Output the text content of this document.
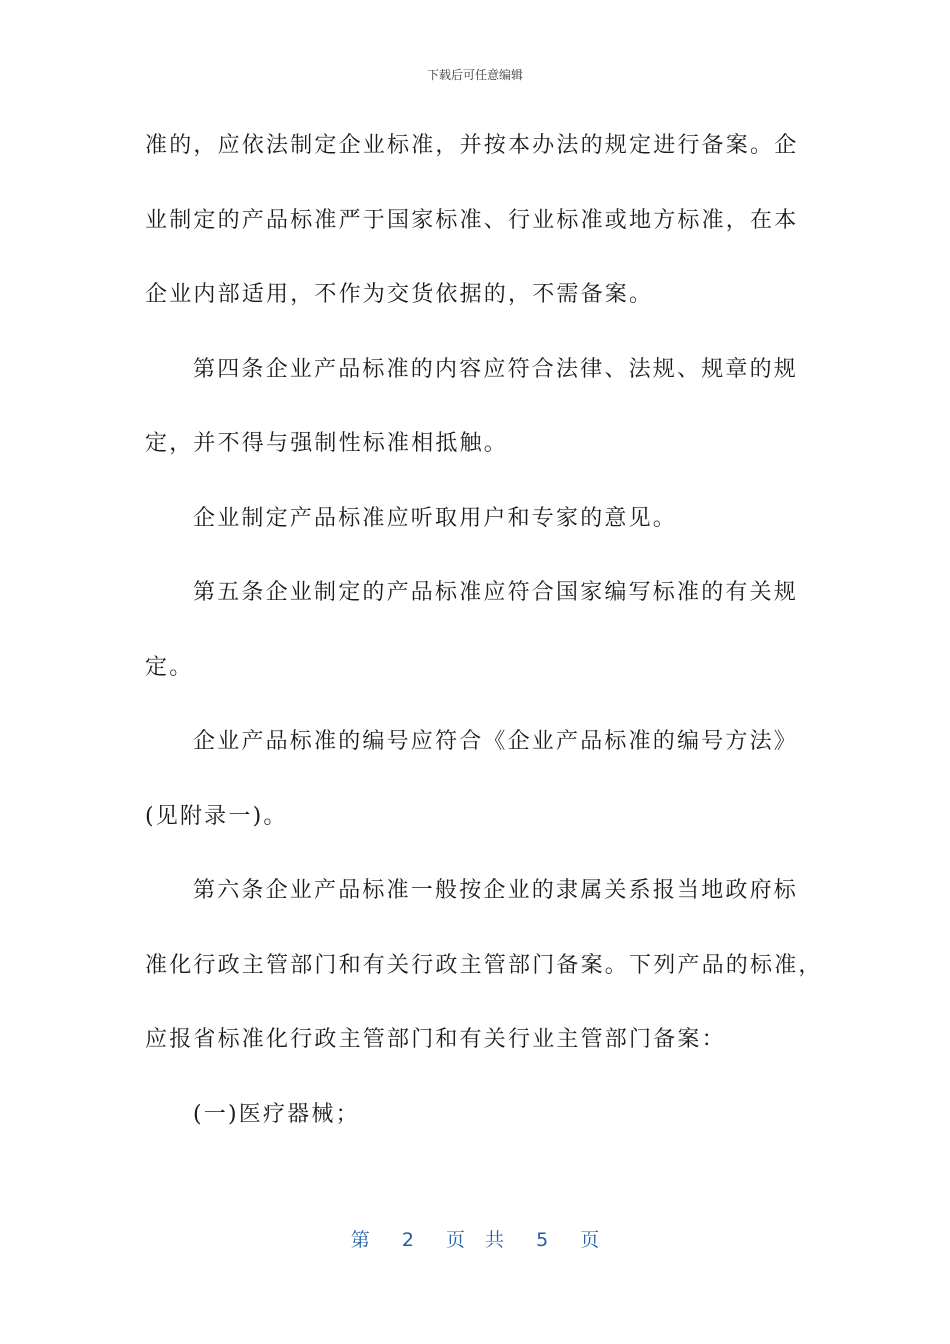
下载后可任意编辑
准的，应依法制定企业标准，并按本办法的规定进行备案。企
业制定的产品标准严于国家标准、行业标准或地方标准，在本
企业内部适用，不作为交货依据的，不需备案。
第四条企业产品标准的内容应符合法律、法规、规章的规
定，并不得与强制性标准相抵触。
企业制定产品标准应听取用户和专家的意见。
第五条企业制定的产品标准应符合国家编写标准的有关规
定。
企业产品标准的编号应符合《企业产品标准的编号方法》
(见附录一)。
第六条企业产品标准一般按企业的隶属关系报当地政府标
准化行政主管部门和有关行政主管部门备案。下列产品的标准，
应报省标准化行政主管部门和有关行业主管部门备案：
(一)医疗器械；
第 2 页 共 5 页
